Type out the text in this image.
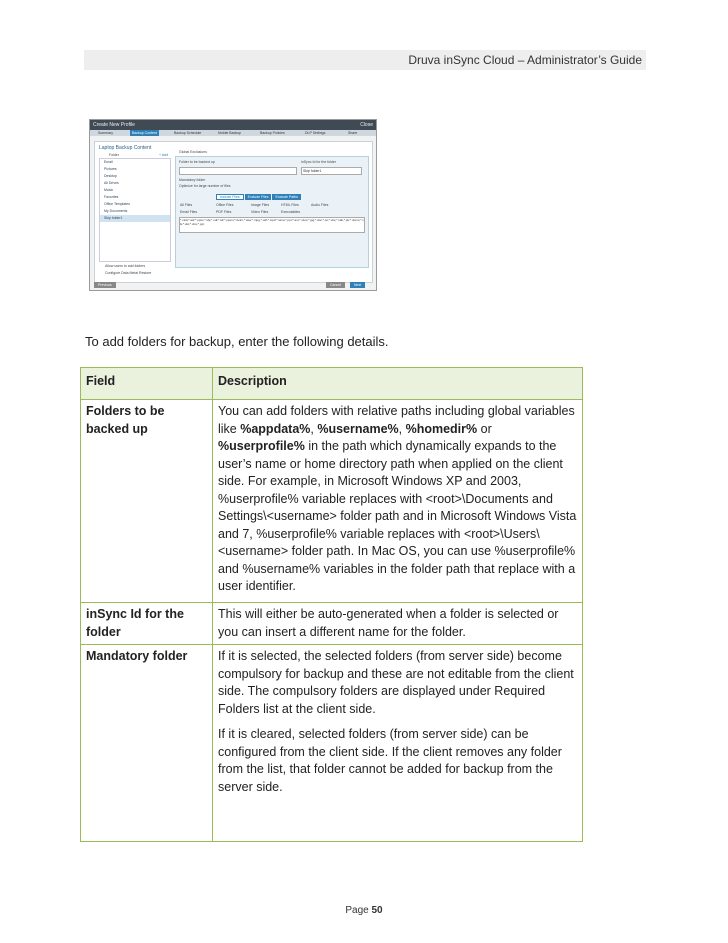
Druva inSync Cloud – Administrator’s Guide
Create New Profile	Close
Summary	Backup Content	Backup Schedule	Mobile Backup	Backup Policies	DLP Settings	Share
Laptop Backup Content
Folder	+ Add
Email
Pictures
Desktop
All Drives
Music
Favorites
Office Templates
My Documents
Skip folder1
Global Exclusions
Folder to be backed up	inSync Id for the folder
Skip folder1
Mandatory folder
Optimize for large number of files
Include Files Exclude Files Exclude Paths
All Files	Office Files	Image Files	HTML Files	Audio Files
Email Files	PDF Files	Video Files	Executables
*.midi;*.asf;*.ppsx;*.obj;*.odt;*.aif;*.ppsm;*.dotm;*.wav;*.mpg;*.odf;*.mp3;*.wma;*.ppt;*.avi;*.xlsm;*.jpg;*.doc;*.ps;*.vbs;*.cab;*.jar;*.docm;*.xls;*.dot;*.xlsx;*.ppt
Allow users to add folders
Configure Data Metal Restore
Previous	Cancel	Next
To add folders for backup, enter the following details.
Field	Description
Folders to be backed up	You can add folders with relative paths including global variables like %appdata%, %username%, %homedir% or %userprofile% in the path which dynamically expands to the user’s name or home directory path when applied on the client side. For example, in Microsoft Windows XP and 2003, %userprofile% variable replaces with <root>\Documents and Settings\<username> folder path and in Microsoft Windows Vista and 7, %userprofile% variable replaces with <root>\Users\<username> folder path. In Mac OS, you can use %userprofile% and %username% variables in the folder path that replace with a user identifier.
inSync Id for the folder	This will either be auto-generated when a folder is selected or you can insert a different name for the folder.
Mandatory folder	If it is selected, the selected folders (from server side) become compulsory for backup and these are not editable from the client side. The compulsory folders are displayed under Required Folders list at the client side.

If it is cleared, selected folders (from server side) can be configured from the client side. If the client removes any folder from the list, that folder cannot be added for backup from the server side.

Page 50
